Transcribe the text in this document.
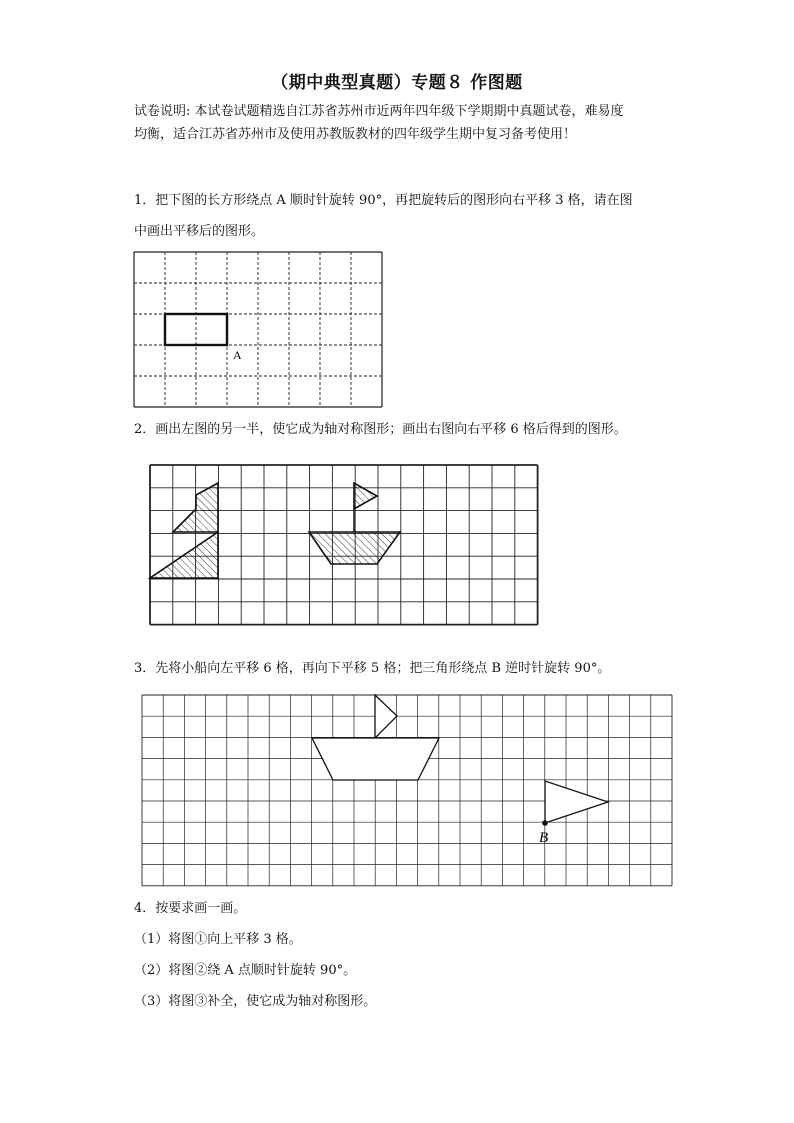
（期中典型真题）专题８ 作图题
试卷说明: 本试卷试题精选自江苏省苏州市近两年四年级下学期期中真题试卷，难易度
均衡，适合江苏省苏州市及使用苏教版教材的四年级学生期中复习备考使用！
1．把下图的长方形绕点 A 顺时针旋转 90°，再把旋转后的图形向右平移 3 格，请在图
中画出平移后的图形。
A
2．画出左图的另一半，使它成为轴对称图形；画出右图向右平移 6 格后得到的图形。
3．先将小船向左平移 6 格，再向下平移 5 格；把三角形绕点 B 逆时针旋转 90°。
B
4．按要求画一画。
（1）将图①向上平移 3 格。
（2）将图②绕 A 点顺时针旋转 90°。
（3）将图③补全，使它成为轴对称图形。
